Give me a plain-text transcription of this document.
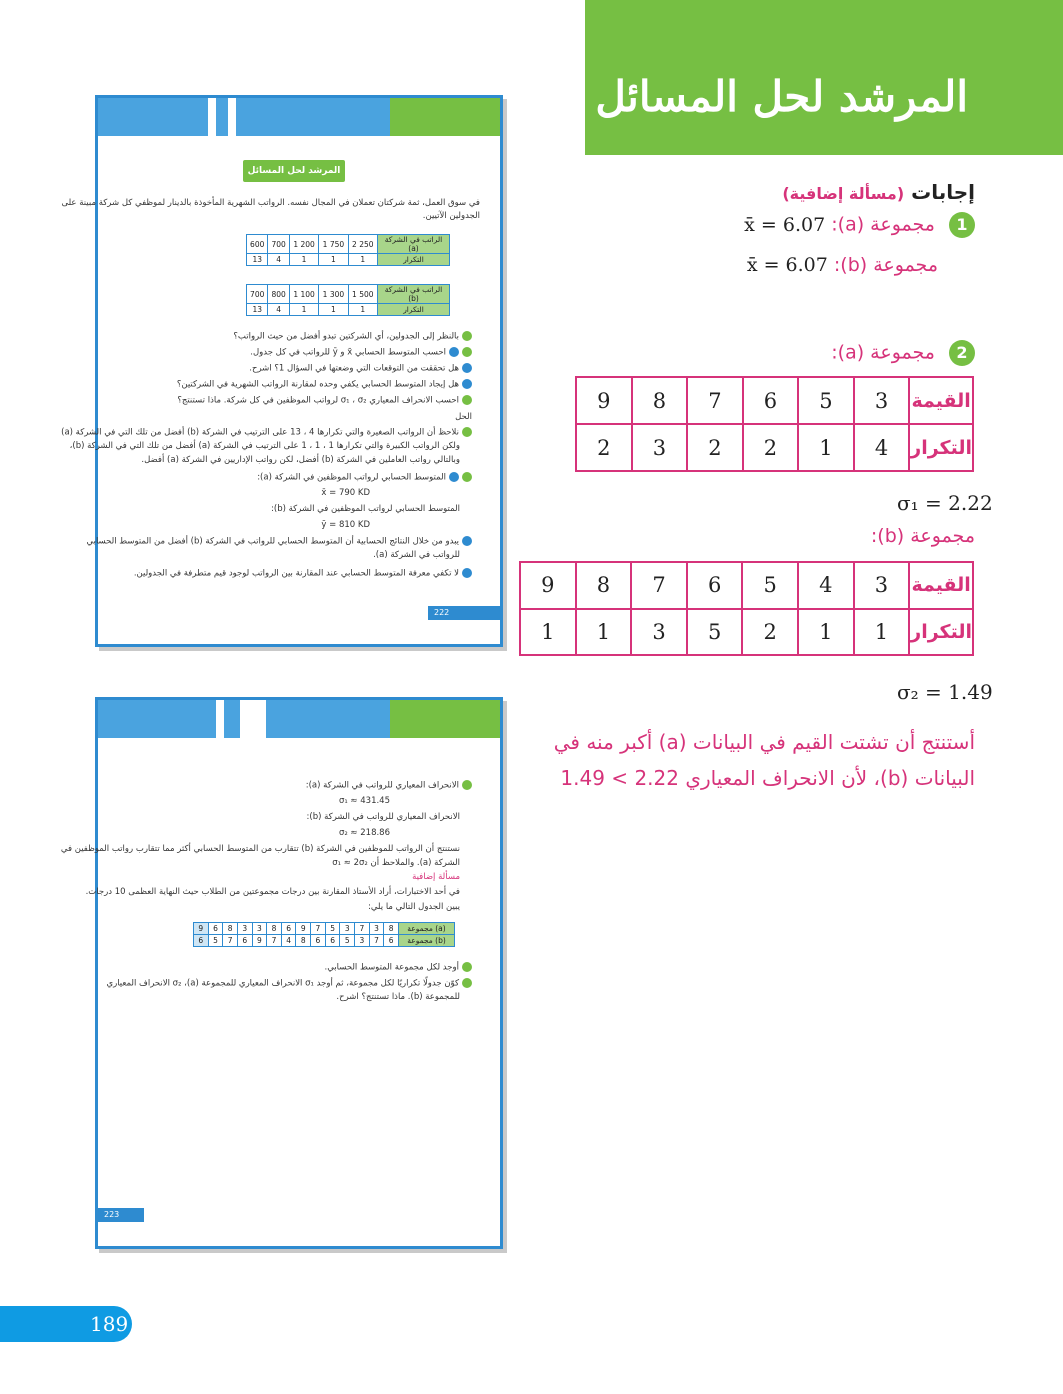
المرشد لحل المسائل
إجابات (مسألة إضافية)
1 مجموعة (a): x̄ = 6.07
مجموعة (b): x̄ = 6.07
2 مجموعة (a):
القيمة	3	5	6	7	8	9
التكرار	4	1	2	2	3	2
σ₁ = 2.22
مجموعة (b):
القيمة	3	4	5	6	7	8	9
التكرار	1	1	2	5	3	1	1
σ₂ = 1.49
أستنتج أن تشتت القيم في البيانات (a) أكبر منه في
البيانات (b)، لأن الانحراف المعياري 2.22 > 1.49
المرشد لحل المسائل
في سوق العمل، ثمة شركتان تعملان في المجال نفسه. الرواتب الشهرية المأخوذة بالدينار لموظفي كل شركة مبينة على
الجدولين الآتيين.
600	700	1 200	1 750	2 250	الراتب في الشركة (a)
13	4	1	1	1	التكرار
700	800	1 100	1 300	1 500	الراتب في الشركة (b)
13	4	1	1	1	التكرار
بالنظر إلى الجدولين، أي الشركتين تبدو أفضل من حيث الرواتب؟
احسب المتوسط الحسابي x̄ و ȳ للرواتب في كل جدول.
هل تحققت من التوقعات التي وضعتها في السؤال 1؟ اشرح.
هل إيجاد المتوسط الحسابي يكفي وحده لمقارنة الرواتب الشهرية في الشركتين؟
احسب الانحراف المعياري σ₁ ، σ₂ لرواتب الموظفين في كل شركة. ماذا تستنتج؟
الحل
نلاحظ أن الرواتب الصغيرة والتي تكرارها 4 ، 13 على الترتيب في الشركة (b) أفضل من تلك التي في الشركة (a)
ولكن الرواتب الكبيرة والتي تكرارها 1 ، 1 ، 1 على الترتيب في الشركة (a) أفضل من تلك التي في الشركة (b)،
وبالتالي رواتب العاملين في الشركة (b) أفضل، لكن رواتب الإداريين في الشركة (a) أفضل.
المتوسط الحسابي لرواتب الموظفين في الشركة (a):
x̄ = 790 KD
المتوسط الحسابي لرواتب الموظفين في الشركة (b):
ȳ = 810 KD
يبدو من خلال النتائج الحسابية أن المتوسط الحسابي للرواتب في الشركة (b) أفضل من المتوسط الحسابي
للرواتب في الشركة (a).
لا تكفي معرفة المتوسط الحسابي عند المقارنة بين الرواتب لوجود قيم متطرفة في الجدولين.
222
الانحراف المعياري للرواتب في الشركة (a):
σ₁ ≈ 431.45
الانحراف المعياري للرواتب في الشركة (b):
σ₂ ≈ 218.86
نستنتج أن الرواتب للموظفين في الشركة (b) تتقارب من المتوسط الحسابي أكثر مما تتقارب رواتب الموظفين في
الشركة (a). والملاحظ أن σ₁ ≈ 2σ₂
مسألة إضافية
في أحد الاختبارات، أراد الأستاذ المقارنة بين درجات مجموعتين من الطلاب حيث النهاية العظمى 10 درجات.
يبين الجدول التالي ما يلي:
9	6	8	3	3	8	6	9	7	5	3	7	3	8	مجموعة (a)
6	5	7	6	9	7	4	8	6	6	5	3	7	6	مجموعة (b)
أوجد لكل مجموعة المتوسط الحسابي.
كوّن جدولًا تكراريًا لكل مجموعة، ثم أوجد σ₁ الانحراف المعياري للمجموعة (a)، σ₂ الانحراف المعياري
للمجموعة (b). ماذا تستنتج؟ اشرح.
223
189
